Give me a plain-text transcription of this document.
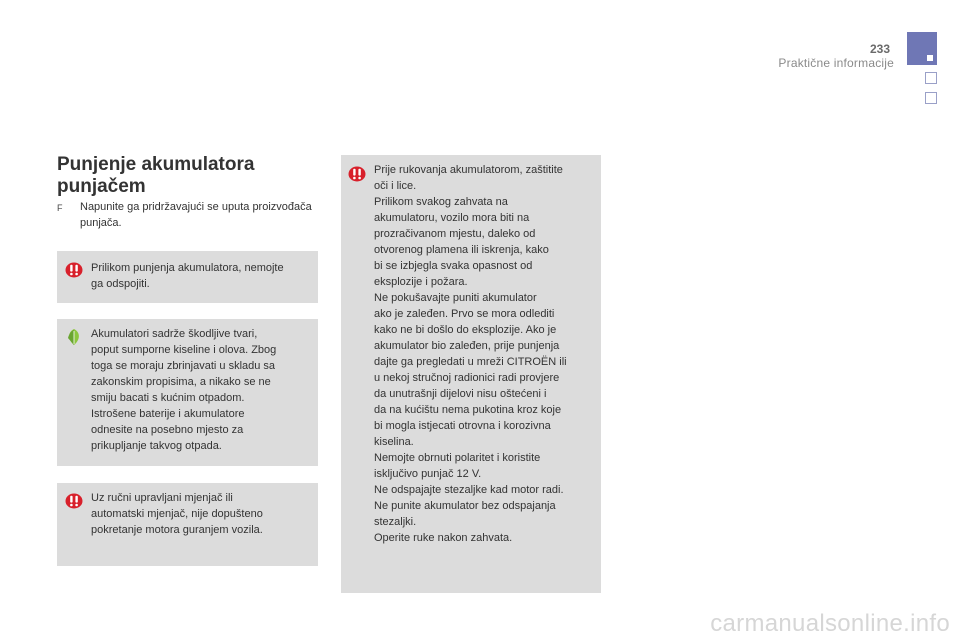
233
Praktične informacije
Punjenje akumulatora
punjačem
F Napunite ga pridržavajući se uputa proizvođača punjača.
Prilikom punjenja akumulatora, nemojte
ga odspojiti.
Akumulatori sadrže škodljive tvari,
poput sumporne kiseline i olova. Zbog
toga se moraju zbrinjavati u skladu sa
zakonskim propisima, a nikako se ne
smiju bacati s kućnim otpadom.
Istrošene baterije i akumulatore
odnesite na posebno mjesto za
prikupljanje takvog otpada.
Uz ručni upravljani mjenjač ili
automatski mjenjač, nije dopušteno
pokretanje motora guranjem vozila.
Prije rukovanja akumulatorom, zaštitite
oči i lice.
Prilikom svakog zahvata na
akumulatoru, vozilo mora biti na
prozračivanom mjestu, daleko od
otvorenog plamena ili iskrenja, kako
bi se izbjegla svaka opasnost od
eksplozije i požara.
Ne pokušavajte puniti akumulator
ako je zaleđen. Prvo se mora odlediti
kako ne bi došlo do eksplozije. Ako je
akumulator bio zaleđen, prije punjenja
dajte ga pregledati u mreži CITROËN ili
u nekoj stručnoj radionici radi provjere
da unutrašnji dijelovi nisu oštećeni i
da na kućištu nema pukotina kroz koje
bi mogla istjecati otrovna i korozivna
kiselina.
Nemojte obrnuti polaritet i koristite
isključivo punjač 12 V.
Ne odspajajte stezaljke kad motor radi.
Ne punite akumulator bez odspajanja
stezaljki.
Operite ruke nakon zahvata.
carmanualsonline.info
